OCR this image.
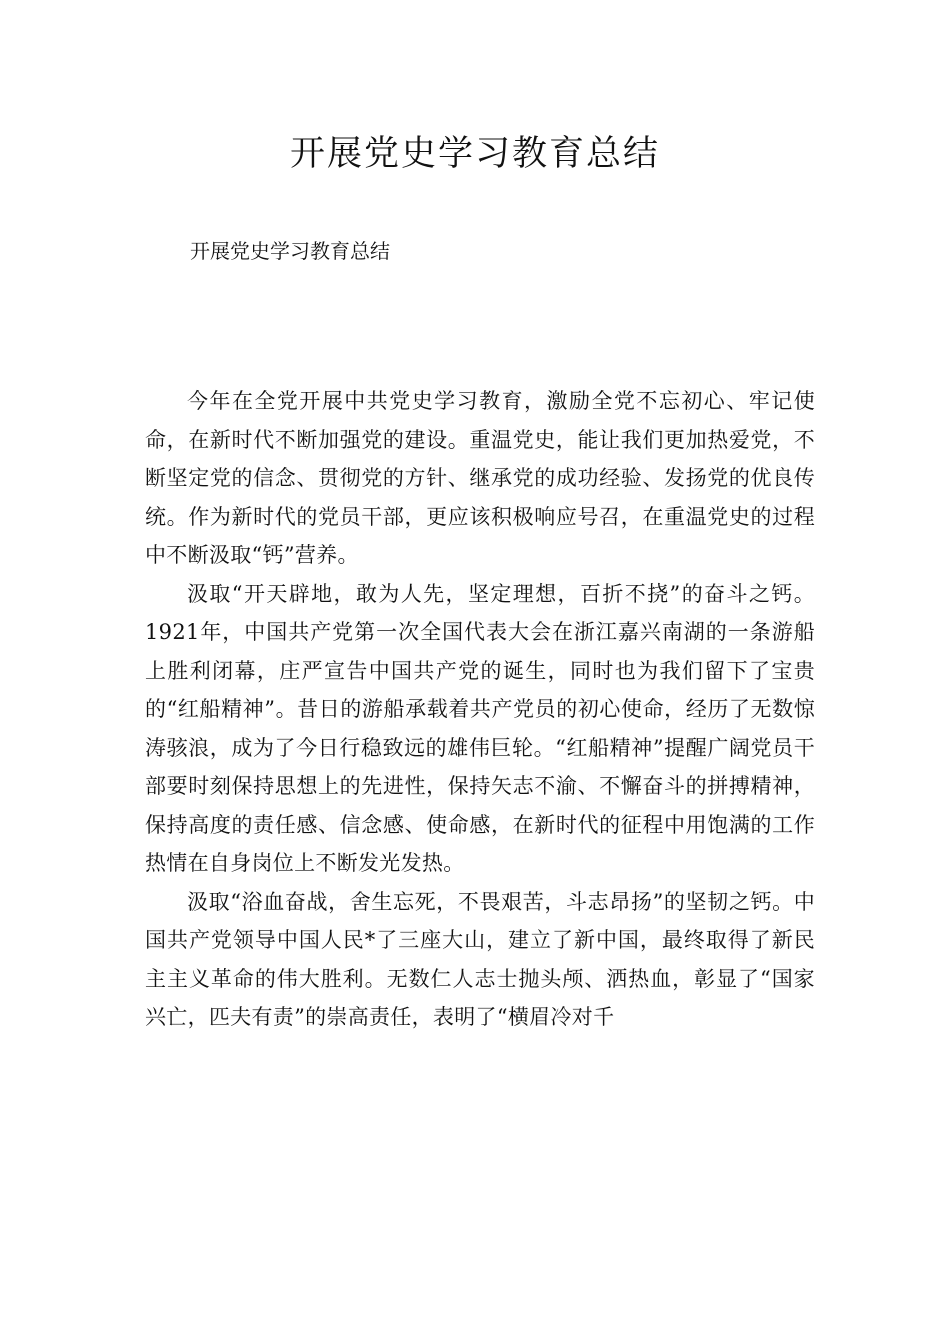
开展党史学习教育总结

开展党史学习教育总结

今年在全党开展中共党史学习教育，激励全党不忘初心、牢记使命，在新时代不断加强党的建设。重温党史，能让我们更加热爱党，不断坚定党的信念、贯彻党的方针、继承党的成功经验、发扬党的优良传统。作为新时代的党员干部，更应该积极响应号召，在重温党史的过程中不断汲取“钙”营养。

汲取“开天辟地，敢为人先，坚定理想，百折不挠”的奋斗之钙。1921年，中国共产党第一次全国代表大会在浙江嘉兴南湖的一条游船上胜利闭幕，庄严宣告中国共产党的诞生，同时也为我们留下了宝贵的“红船精神”。昔日的游船承载着共产党员的初心使命，经历了无数惊涛骇浪，成为了今日行稳致远的雄伟巨轮。“红船精神”提醒广阔党员干部要时刻保持思想上的先进性，保持矢志不渝、不懈奋斗的拼搏精神，保持高度的责任感、信念感、使命感，在新时代的征程中用饱满的工作热情在自身岗位上不断发光发热。

汲取“浴血奋战，舍生忘死，不畏艰苦，斗志昂扬”的坚韧之钙。中国共产党领导中国人民*了三座大山，建立了新中国，最终取得了新民主主义革命的伟大胜利。无数仁人志士抛头颅、洒热血，彰显了“国家兴亡，匹夫有责”的崇高责任，表明了“横眉冷对千
